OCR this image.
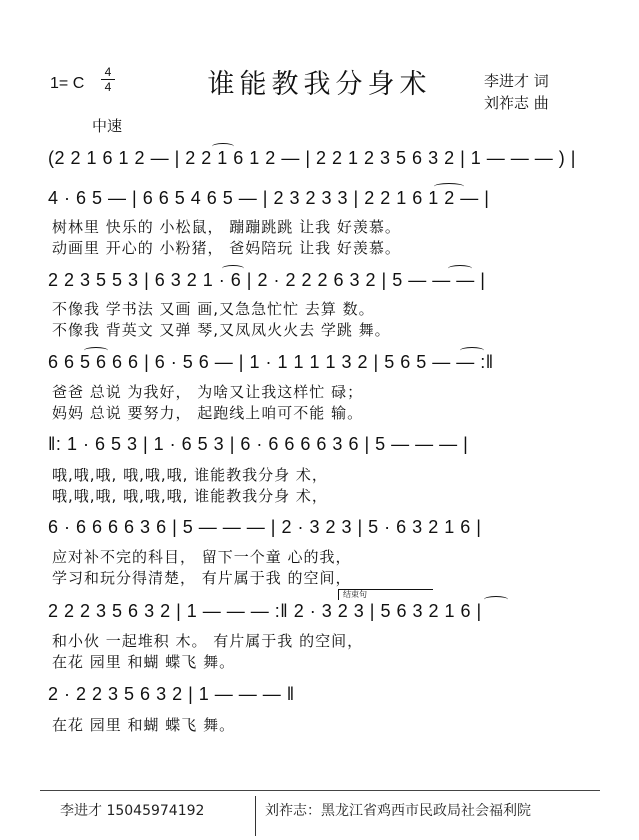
1= C
4
4	谁能教我分身术	李进才 词
刘祚志 曲
中速
(2 2 1 6 1 2 — | 2 2 1 6 1 2 — | 2 2 1 2 3 5 6 3 2 | 1 — — — ) |
4 · 6 5 — | 6 6 5 4 6 5 — | 2 3 2 3 3 | 2 2 1 6 1 2 — |
树林里 快乐的 小松鼠， 蹦蹦跳跳 让我 好羡慕。
动画里 开心的 小粉猪， 爸妈陪玩 让我 好羡慕。
2 2 3 5 5 3 | 6 3 2 1 · 6 | 2 · 2 2 2 6 3 2 | 5 — — — |
不像我 学书法 又画 画,又急急忙忙 去算 数。
不像我 背英文 又弹 琴,又凤凤火火去 学跳 舞。
6 6 5 6 6 6 | 6 · 5 6 — | 1 · 1 1 1 1 3 2 | 5 6 5 — — :‖
爸爸 总说 为我好， 为啥又让我这样忙 碌；
妈妈 总说 要努力， 起跑线上咱可不能 输。
‖: 1 · 6 5 3 | 1 · 6 5 3 | 6 · 6 6 6 6 3 6 | 5 — — — |
哦,哦,哦, 哦,哦,哦, 谁能教我分身 术，
哦,哦,哦, 哦,哦,哦, 谁能教我分身 术，
6 · 6 6 6 6 3 6 | 5 — — — | 2 · 3 2 3 | 5 · 6 3 2 1 6 |
应对补不完的科目， 留下一个童 心的我，
学习和玩分得清楚， 有片属于我 的空间，
结束句
2 2 2 3 5 6 3 2 | 1 — — — :‖ 2 · 3 2 3 | 5 6 3 2 1 6 |
和小伙 一起堆积 木。 有片属于我 的空间，
在花 园里 和蝴 蝶飞 舞。
2 · 2 2 3 5 6 3 2 | 1 — — — ‖
在花 园里 和蝴 蝶飞 舞。
李进才 15045974192	刘祚志：黑龙江省鸡西市民政局社会福利院
